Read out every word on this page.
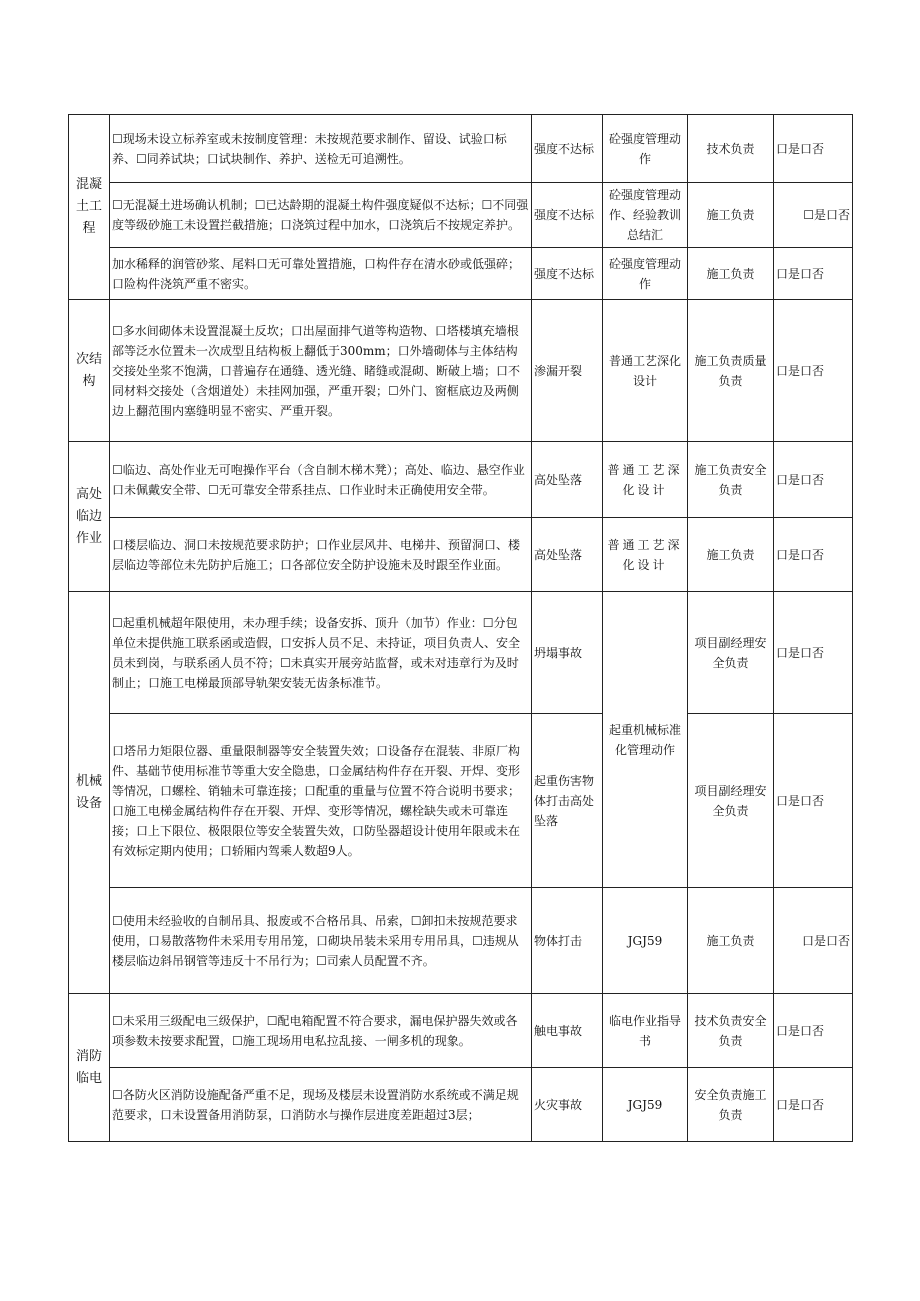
混凝土工程	☐现场未设立标养室或未按制度管理：未按规范要求制作、留设、试验口标养、☐同养试块；口试块制作、养护、送检无可追溯性。	强度不达标	砼强度管理动作	技术负责	口是口否
	☐无混凝土进场确认机制；☐已达龄期的混凝土构件强度疑似不达标；☐不同强度等级砂施工未设置拦截措施；口浇筑过程中加水，口浇筑后不按规定养护。	强度不达标	砼强度管理动作、经验教训总结汇	施工负责	☐是口否
	加水稀释的润管砂浆、尾料口无可靠处置措施，口构件存在清水砂或低强碎；口险构件浇筑严重不密实。	强度不达标	砼强度管理动作	施工负责	口是口否
次结构	☐多水间砌体未设置混凝土反坎；口出屋面排气道等构造物、口塔楼填充墙根部等泛水位置未一次成型且结构板上翻低于300mm；口外墙砌体与主体结构交接处坐浆不饱满，口普遍存在通缝、透光缝、睹缝或混砌、断破上墙；口不同材料交接处（含烟道处）未挂网加强，严重开裂；☐外门、窗框底边及两侧边上翻范围内塞缝明显不密实、严重开裂。	渗漏开裂	普通工艺深化设计	施工负责质量负责	口是口否
高处临边作业	☐临边、高处作业无可咆操作平台（含自制木梯木凳）；高处、临边、悬空作业口未佩戴安全带、☐无可靠安全带系挂点、口作业时未正确使用安全带。	高处坠落	普通工艺深化设计	施工负责安全负责	口是口否
	口楼层临边、洞口未按规范要求防护；口作业层风井、电梯井、预留洞口、楼层临边等部位未先防护后施工；口各部位安全防护设施未及时跟至作业面。	高处坠落	普通工艺深化设计	施工负责	口是口否
机械设备	☐起重机械超年限使用，未办理手续；设备安拆、顶升（加节）作业：☐分包单位未提供施工联系函或造假，口安拆人员不足、未持证，项目负责人、安全员未到岗，与联系函人员不符；☐未真实开展旁站监督，或未对违章行为及时制止；口施工电梯最顶部导轨架安装无齿条标准节。	坍塌事故	起重机械标准化管理动作	项目副经理安全负责	口是口否
	口塔吊力矩限位器、重量限制器等安全装置失效；口设备存在混装、非原厂构件、基础节使用标准节等重大安全隐患，口金属结构件存在开裂、开焊、变形等情况，口螺栓、销轴未可靠连接；口配重的重量与位置不符合说明书要求；口施工电梯金属结构件存在开裂、开焊、变形等情况，螺栓缺失或未可靠连接；口上下限位、极限限位等安全装置失效，口防坠器超设计使用年限或未在有效标定期内使用；口轿厢内驾乘人数超9人。	起重伤害物体打击高处坠落		项目副经理安全负责	口是口否
	☐使用未经验收的自制吊具、报废或不合格吊具、吊索，☐卸扣未按规范要求使用，口易散落物件未采用专用吊笼，口砌块吊装未采用专用吊具，☐违规从楼层临边斜吊钢管等违反十不吊行为；☐司索人员配置不齐。	物体打击	JGJ59	施工负责	口是口否
消防临电	☐未采用三级配电三级保护，☐配电箱配置不符合要求，漏电保护器失效或各项参数未按要求配置，☐施工现场用电私拉乱接、一闸多机的现象。	触电事故	临电作业指导书	技术负责安全负责	口是口否
	☐各防火区消防设施配备严重不足，现场及楼层未设置消防水系统或不满足规范要求，口未设置备用消防泵，口消防水与操作层进度差距超过3层；	火灾事故	JGJ59	安全负责施工负责	口是口否
